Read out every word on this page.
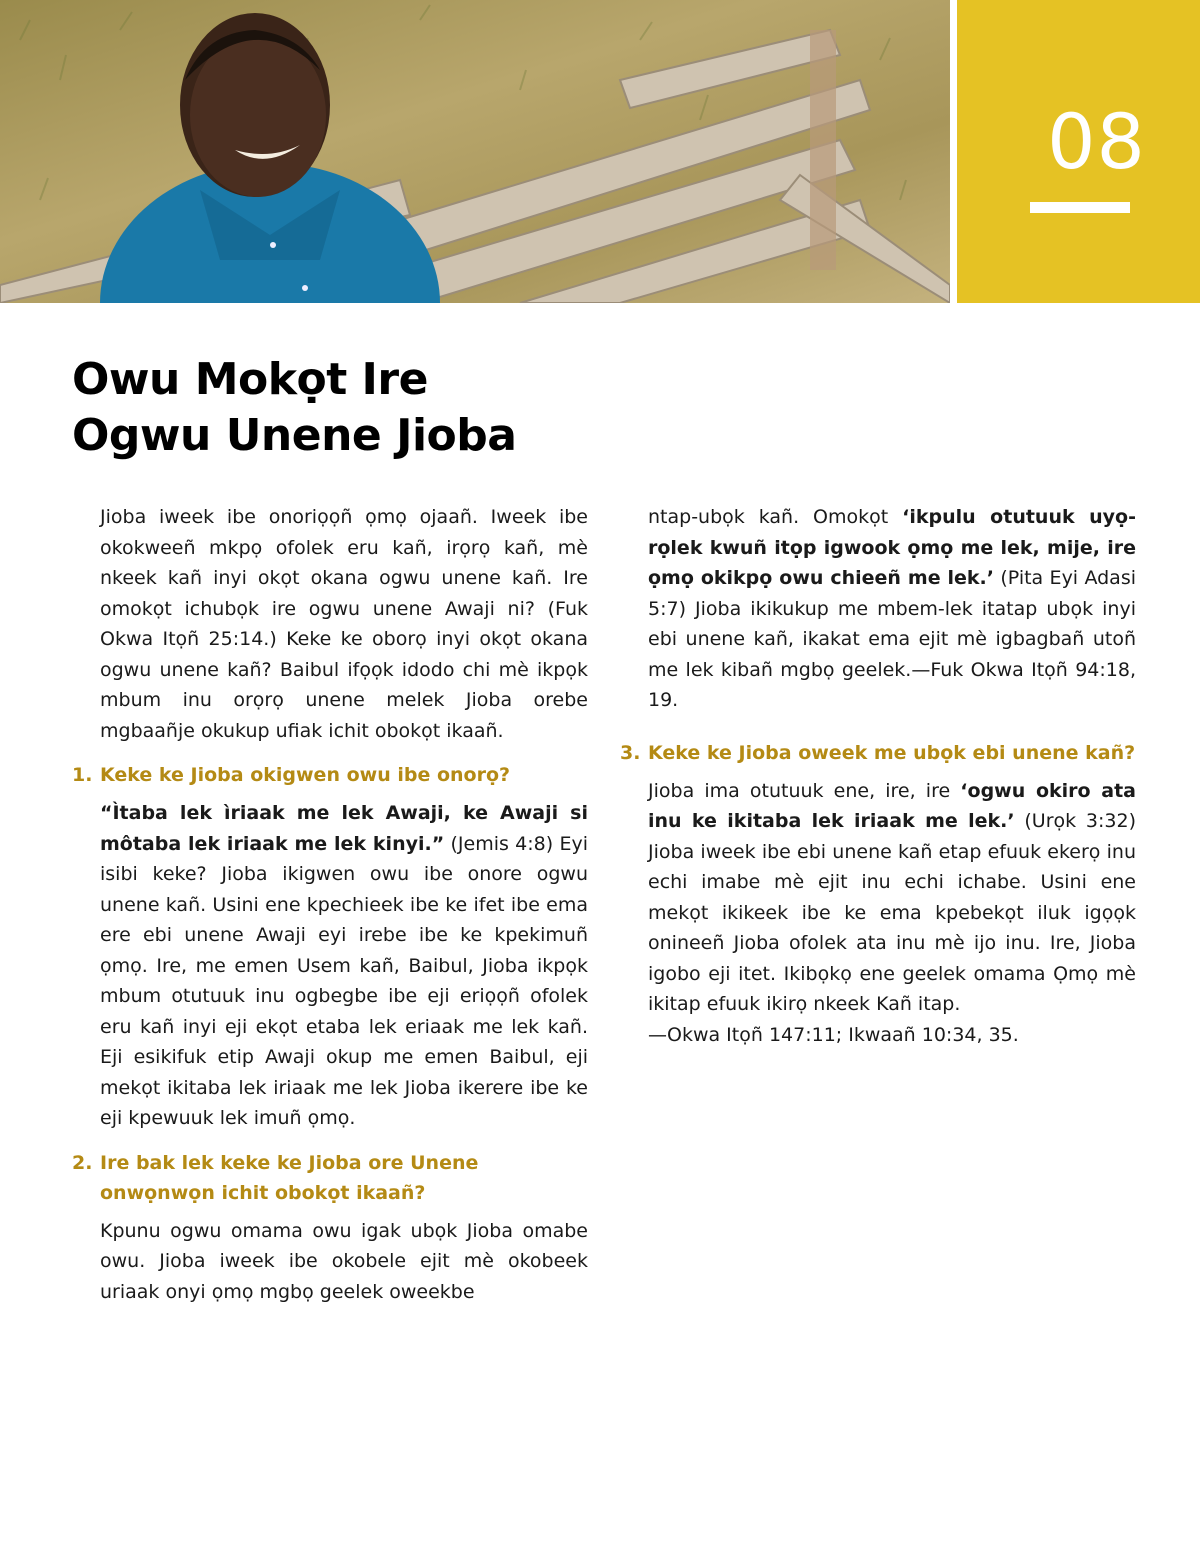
08
Owu Mokọt Ire
Ogwu Unene Jioba

Jioba iweek ibe onoriọọñ ọmọ ojaañ. Iweek ibe okokweeñ mkpọ ofolek eru kañ, irọrọ kañ, mè nkeek kañ inyi okọt okana ogwu unene kañ. Ire omokọt ichubọk ire ogwu unene Awaji ni? (Fuk Okwa Itọñ 25:14.) Keke ke oborọ inyi okọt okana ogwu unene kañ? Baibul ifọọk idodo chi mè ikpọk mbum inu orọrọ unene melek Jioba orebe mgbaañje okukup ufiak ichit obokọt ikaañ.

1. Keke ke Jioba okigwen owu ibe onorọ?

“Ìtaba lek ìriaak me lek Awaji, ke Awaji si môtaba lek iriaak me lek kinyi.” (Jemis 4:8) Eyi isibi keke? Jioba ikigwen owu ibe onore ogwu unene kañ. Usini ene kpechieek ibe ke ifet ibe ema ere ebi unene Awaji eyi irebe ibe ke kpekimuñ ọmọ. Ire, me emen Usem kañ, Baibul, Jioba ikpọk mbum otutuuk inu ogbegbe ibe eji eriọọñ ofolek eru kañ inyi eji ekọt etaba lek eriaak me lek kañ. Eji esikifuk etip Awaji okup me emen Baibul, eji mekọt ikitaba lek iriaak me lek Jioba ikerere ibe ke eji kpewuuk lek imuñ ọmọ.

2. Ire bak lek keke ke Jioba ore Unene onwọnwọn ichit obokọt ikaañ?

Kpunu ogwu omama owu igak ubọk Jioba omabe owu. Jioba iweek ibe okobele ejit mè okobeek uriaak onyi ọmọ mgbọ geelek oweekbe

ntap-ubọk kañ. Omokọt ‘ikpulu otutuuk uyọrọlek kwuñ itọp igwook ọmọ me lek, mije, ire ọmọ okikpọ owu chieeñ me lek.’ (Pita Eyi Adasi 5:7) Jioba ikikukup me mbem-lek itatap ubọk inyi ebi unene kañ, ikakat ema ejit mè igbagbañ utoñ me lek kibañ mgbọ geelek.—Fuk Okwa Itọñ 94:18, 19.

3. Keke ke Jioba oweek me ubọk ebi unene kañ?

Jioba ima otutuuk ene, ire, ire ‘ogwu okiro ata inu ke ikitaba lek iriaak me lek.’ (Urọk 3:32) Jioba iweek ibe ebi unene kañ etap efuuk ekerọ inu echi imabe mè ejit inu echi ichabe. Usini ene mekọt ikikeek ibe ke ema kpebekọt iluk igọọk onineeñ Jioba ofolek ata inu mè ijo inu. Ire, Jioba igobo eji itet. Ikibọkọ ene geelek omama Ọmọ mè ikitap efuuk ikirọ nkeek Kañ itap.
—Okwa Itọñ 147:11; Ikwaañ 10:34, 35.
